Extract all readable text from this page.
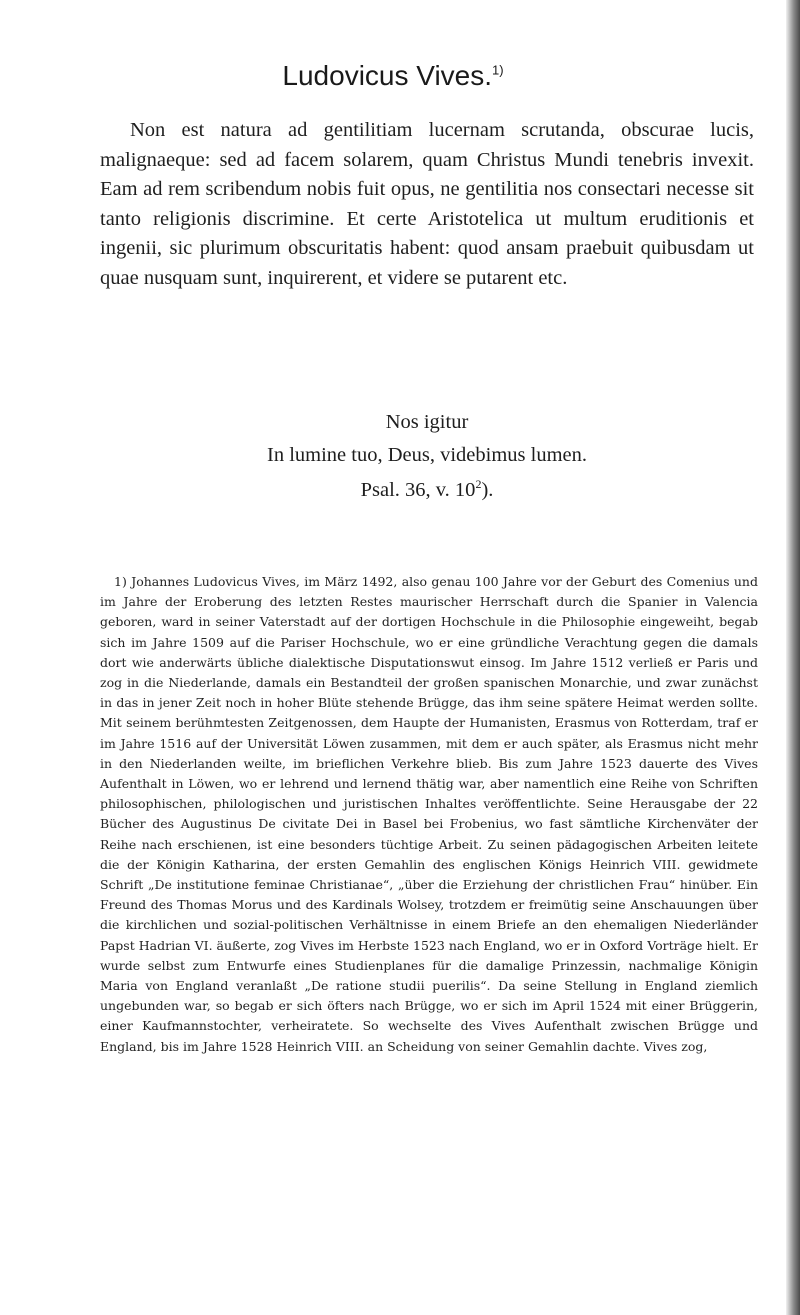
Ludovicus Vives.$^{1)}$

Non est natura ad gentilitiam lucernam scrutanda, obscurae lucis, malignaeque: sed ad facem solarem, quam Christus Mundi tenebris invexit. Eam ad rem scribendum nobis fuit opus, ne gentilitia nos consectari necesse sit tanto religionis discrimine. Et certe Aristotelica ut multum eruditionis et ingenii, sic plurimum obscuritatis habent: quod ansam praebuit quibusdam ut quae nusquam sunt, inquirerent, et videre se putarent etc.

Nos igitur

In lumine tuo, Deus, videbimus lumen.

Psal. 36, v. $10^2$).

1) Johannes Ludovicus Vives, im März 1492, also genau 100 Jahre vor der Geburt des Comenius und im Jahre der Eroberung des letzten Restes maurischer Herrschaft durch die Spanier in Valencia geboren, ward in seiner Vaterstadt auf der dortigen Hochschule in die Philosophie eingeweiht, begab sich im Jahre 1509 auf die Pariser Hochschule, wo er eine gründliche Verachtung gegen die damals dort wie anderwärts übliche dialektische Disputationswut einsog. Im Jahre 1512 verließ er Paris und zog in die Niederlande, damals ein Bestandteil der großen spanischen Monarchie, und zwar zunächst in das in jener Zeit noch in hoher Blüte stehende Brügge, das ihm seine spätere Heimat werden sollte. Mit seinem berühmtesten Zeitgenossen, dem Haupte der Humanisten, Erasmus von Rotterdam, traf er im Jahre 1516 auf der Universität Löwen zusammen, mit dem er auch später, als Erasmus nicht mehr in den Niederlanden weilte, im brieflichen Verkehre blieb. Bis zum Jahre 1523 dauerte des Vives Aufenthalt in Löwen, wo er lehrend und lernend thätig war, aber namentlich eine Reihe von Schriften philosophischen, philologischen und juristischen Inhaltes veröffentlichte. Seine Herausgabe der 22 Bücher des Augustinus De civitate Dei in Basel bei Frobenius, wo fast sämtliche Kirchenväter der Reihe nach erschienen, ist eine besonders tüchtige Arbeit. Zu seinen pädagogischen Arbeiten leitete die der Königin Katharina, der ersten Gemahlin des englischen Königs Heinrich VIII. gewidmete Schrift „De institutione feminae Christianae“, „über die Erziehung der christlichen Frau“ hinüber. Ein Freund des Thomas Morus und des Kardinals Wolsey, trotzdem er freimütig seine Anschauungen über die kirchlichen und sozial-politischen Verhältnisse in einem Briefe an den ehemaligen Niederländer Papst Hadrian VI. äußerte, zog Vives im Herbste 1523 nach England, wo er in Oxford Vorträge hielt. Er wurde selbst zum Entwurfe eines Studienplanes für die damalige Prinzessin, nachmalige Königin Maria von England veranlaßt „De ratione studii puerilis“. Da seine Stellung in England ziemlich ungebunden war, so begab er sich öfters nach Brügge, wo er sich im April 1524 mit einer Brüggerin, einer Kaufmannstochter, verheiratete. So wechselte des Vives Aufenthalt zwischen Brügge und England, bis im Jahre 1528 Heinrich VIII. an Scheidung von seiner Gemahlin dachte. Vives zog,
